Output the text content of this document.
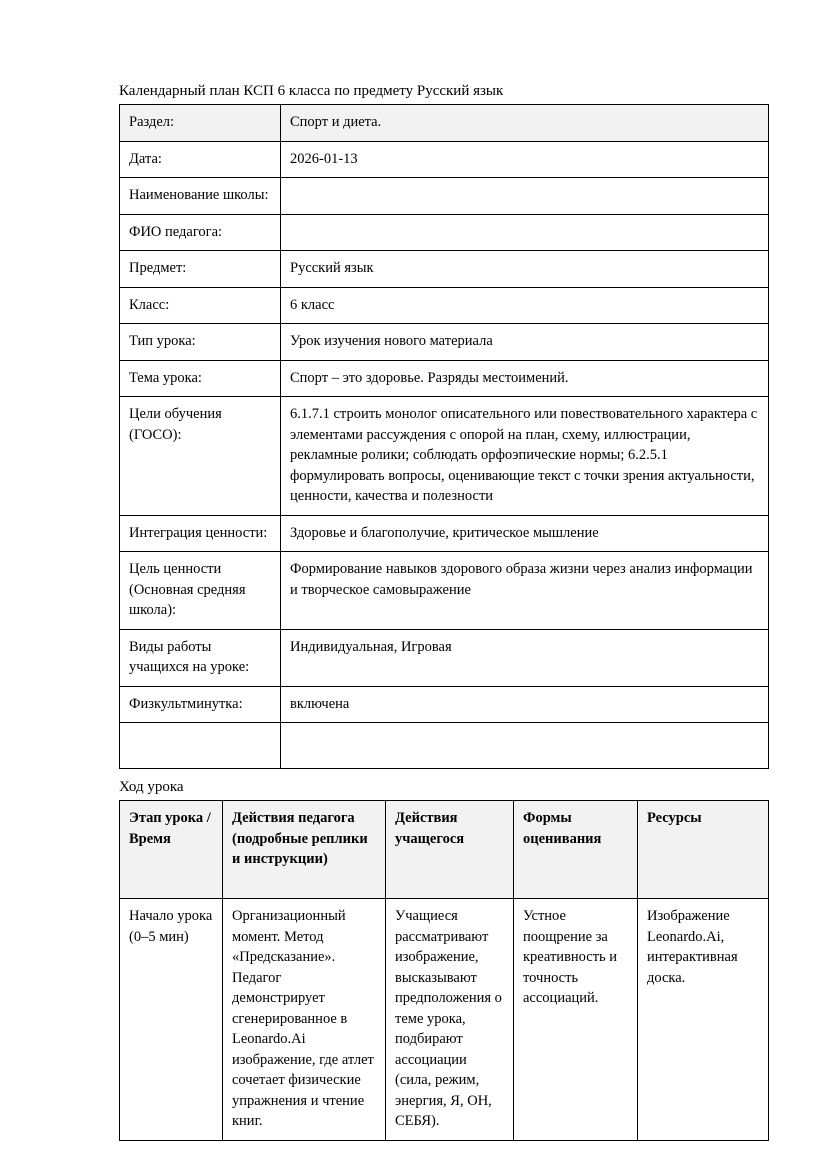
Календарный план КСП 6 класса по предмету Русский язык

Раздел:	Спорт и диета.
Дата:	2026-01-13
Наименование школы:	
ФИО педагога:	
Предмет:	Русский язык
Класс:	6 класс
Тип урока:	Урок изучения нового материала
Тема урока:	Спорт – это здоровье. Разряды местоимений.
Цели обучения (ГОСО):	6.1.7.1 строить монолог описательного или повествовательного характера с элементами рассуждения с опорой на план, схему, иллюстрации, рекламные ролики; соблюдать орфоэпические нормы; 6.2.5.1 формулировать вопросы, оценивающие текст с точки зрения актуальности, ценности, качества и полезности
Интеграция ценности:	Здоровье и благополучие, критическое мышление
Цель ценности (Основная средняя школа):	Формирование навыков здорового образа жизни через анализ информации и творческое самовыражение
Виды работы учащихся на уроке:	Индивидуальная, Игровая
Физкультминутка:	включена

Ход урока

Этап урока / Время	Действия педагога (подробные реплики и инструкции)	Действия учащегося	Формы оценивания	Ресурсы
Начало урока (0–5 мин)	Организационный момент. Метод «Предсказание». Педагог демонстрирует сгенерированное в Leonardo.Ai изображение, где атлет сочетает физические упражнения и чтение книг.	Учащиеся рассматривают изображение, высказывают предположения о теме урока, подбирают ассоциации (сила, режим, энергия, Я, ОН, СЕБЯ).	Устное поощрение за креативность и точность ассоциаций.	Изображение Leonardo.Ai, интерактивная доска.
